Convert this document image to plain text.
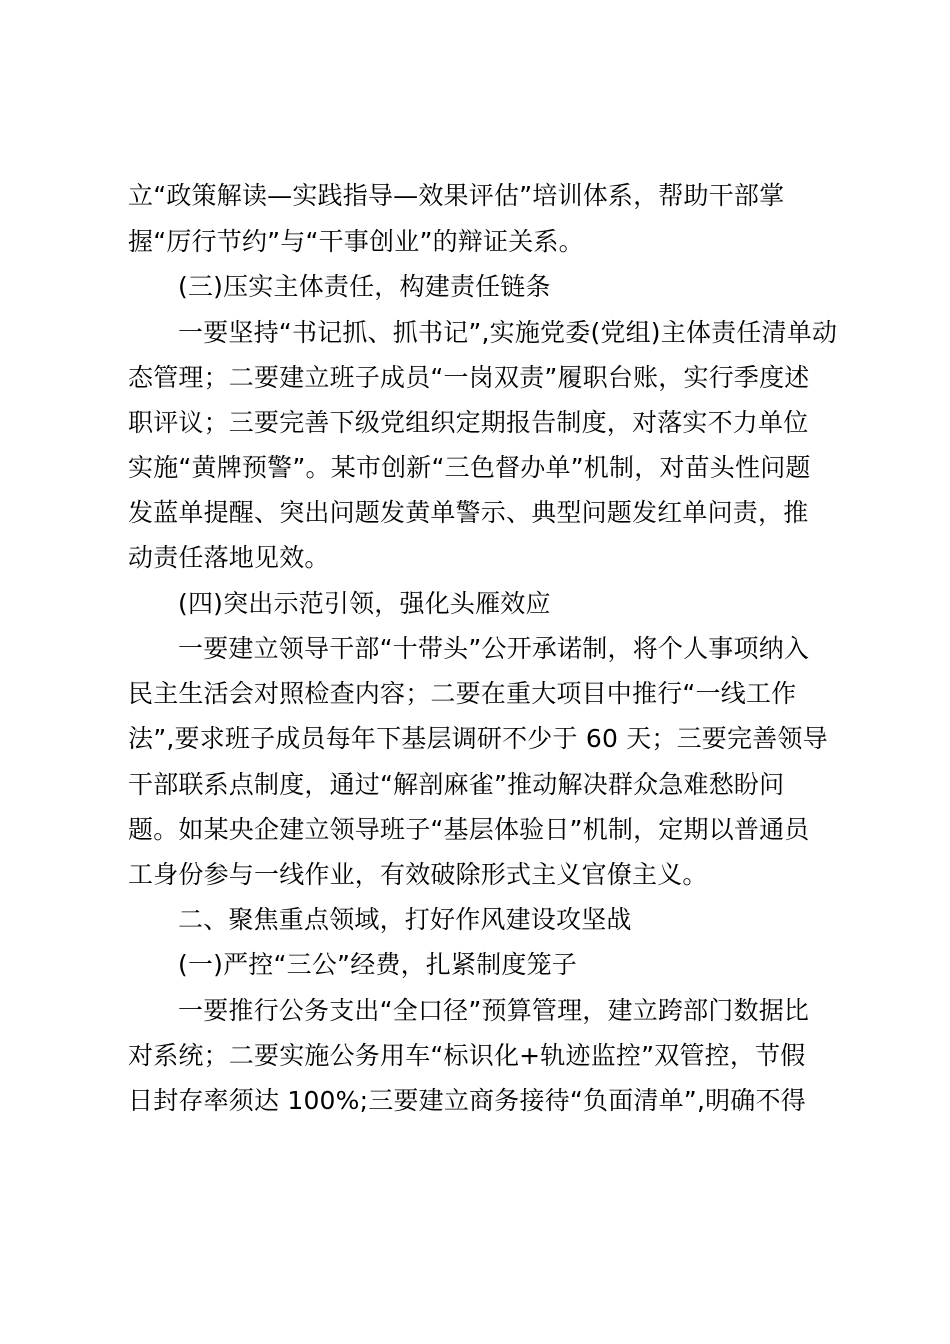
立“政策解读—实践指导—效果评估”培训体系，帮助干部掌
握“厉行节约”与“干事创业”的辩证关系。
(三)压实主体责任，构建责任链条
一要坚持“书记抓、抓书记”,实施党委(党组)主体责任清单动
态管理；二要建立班子成员“一岗双责”履职台账，实行季度述
职评议；三要完善下级党组织定期报告制度，对落实不力单位
实施“黄牌预警”。某市创新“三色督办单”机制，对苗头性问题
发蓝单提醒、突出问题发黄单警示、典型问题发红单问责，推
动责任落地见效。
(四)突出示范引领，强化头雁效应
一要建立领导干部“十带头”公开承诺制，将个人事项纳入
民主生活会对照检查内容；二要在重大项目中推行“一线工作
法”,要求班子成员每年下基层调研不少于 60 天；三要完善领导
干部联系点制度，通过“解剖麻雀”推动解决群众急难愁盼问
题。如某央企建立领导班子“基层体验日”机制，定期以普通员
工身份参与一线作业，有效破除形式主义官僚主义。
二、聚焦重点领域，打好作风建设攻坚战
(一)严控“三公”经费，扎紧制度笼子
一要推行公务支出“全口径”预算管理，建立跨部门数据比
对系统；二要实施公务用车“标识化+轨迹监控”双管控，节假
日封存率须达 100%;三要建立商务接待“负面清单”,明确不得
